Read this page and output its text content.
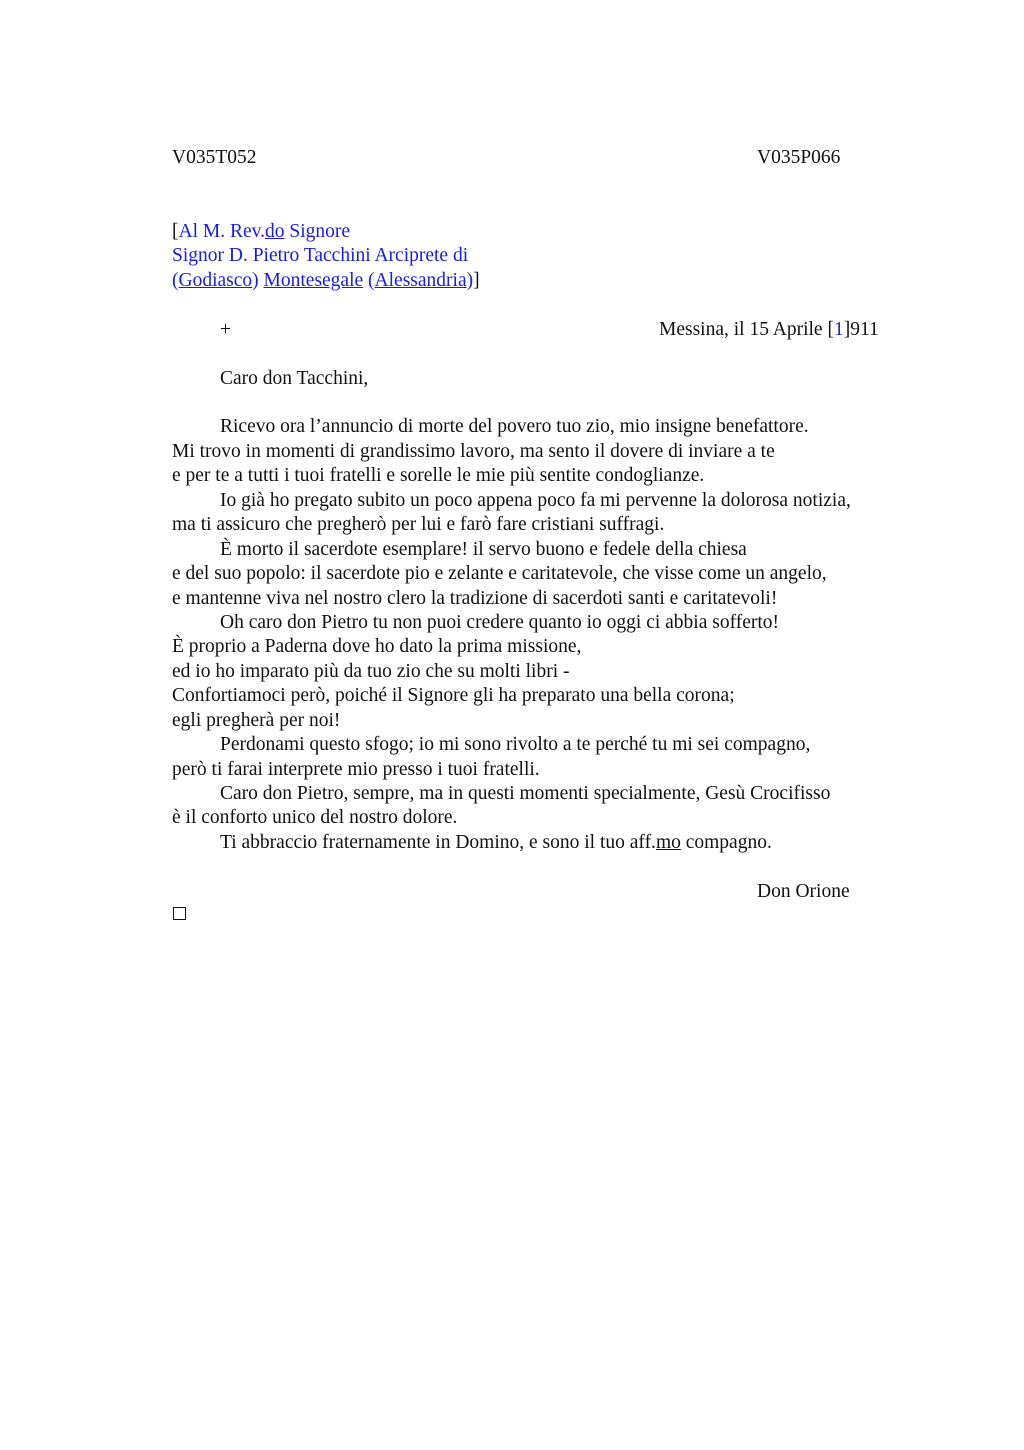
V035T052	V035P066
[Al M. Rev.do Signore
Signor D. Pietro Tacchini Arciprete di
(Godiasco) Montesegale (Alessandria)]
+	Messina, il 15 Aprile [1]911
Caro don Tacchini,
Ricevo ora l’annuncio di morte del povero tuo zio, mio insigne benefattore.
Mi trovo in momenti di grandissimo lavoro, ma sento il dovere di inviare a te
e per te a tutti i tuoi fratelli e sorelle le mie più sentite condoglianze.
Io già ho pregato subito un poco appena poco fa mi pervenne la dolorosa notizia,
ma ti assicuro che pregherò per lui e farò fare cristiani suffragi.
È morto il sacerdote esemplare! il servo buono e fedele della chiesa
e del suo popolo: il sacerdote pio e zelante e caritatevole, che visse come un angelo,
e mantenne viva nel nostro clero la tradizione di sacerdoti santi e caritatevoli!
Oh caro don Pietro tu non puoi credere quanto io oggi ci abbia sofferto!
È proprio a Paderna dove ho dato la prima missione,
ed io ho imparato più da tuo zio che su molti libri -
Confortiamoci però, poiché il Signore gli ha preparato una bella corona;
egli pregherà per noi!
Perdonami questo sfogo; io mi sono rivolto a te perché tu mi sei compagno,
però ti farai interprete mio presso i tuoi fratelli.
Caro don Pietro, sempre, ma in questi momenti specialmente, Gesù Crocifisso
è il conforto unico del nostro dolore.
Ti abbraccio fraternamente in Domino, e sono il tuo aff.mo compagno.
Don Orione
